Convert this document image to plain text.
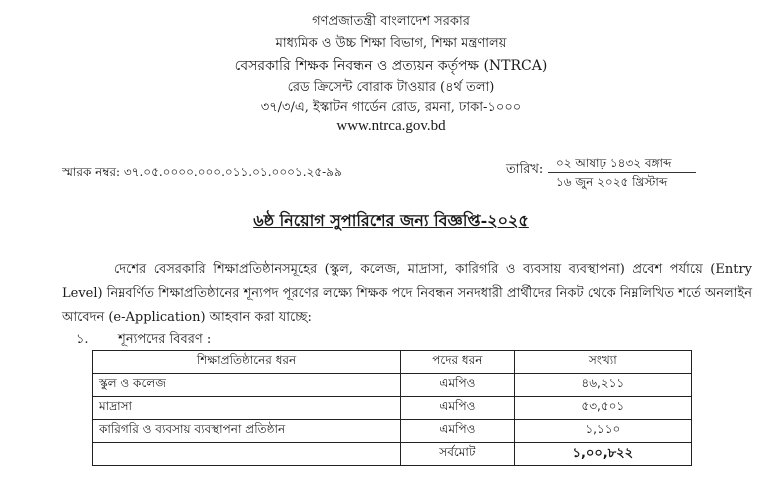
গণপ্রজাতন্ত্রী বাংলাদেশ সরকার
মাধ্যমিক ও উচ্চ শিক্ষা বিভাগ, শিক্ষা মন্ত্রণালয়
বেসরকারি শিক্ষক নিবন্ধন ও প্রত্যয়ন কর্তৃপক্ষ (NTRCA)
রেড ক্রিসেন্ট বোরাক টাওয়ার (৪র্থ তলা)
৩৭/৩/এ, ইস্কাটন গার্ডেন রোড, রমনা, ঢাকা-১০০০
www.ntrca.gov.bd
স্মারক নম্বর: ৩৭.০৫.০০০০.০০০.০১১.০১.০০০১.২৫-৯৯	তারিখ:	০২ আষাঢ় ১৪৩২ বঙ্গাব্দ
১৬ জুন ২০২৫ খ্রিস্টাব্দ
৬ষ্ঠ নিয়োগ সুপারিশের জন্য বিজ্ঞপ্তি-২০২৫
দেশের বেসরকারি শিক্ষাপ্রতিষ্ঠানসমূহের (স্কুল, কলেজ, মাদ্রাসা, কারিগরি ও ব্যবসায় ব্যবস্থাপনা) প্রবেশ পর্যায়ে (Entry Level) নিম্নবর্ণিত শিক্ষাপ্রতিষ্ঠানের শূন্যপদ পূরণের লক্ষ্যে শিক্ষক পদে নিবন্ধন সনদধারী প্রার্থীদের নিকট থেকে নিম্নলিখিত শর্তে অনলাইন আবেদন (e-Application) আহবান করা যাচ্ছে:
১. শূন্যপদের বিবরণ :
শিক্ষাপ্রতিষ্ঠানের ধরন	পদের ধরন	সংখ্যা
স্কুল ও কলেজ	এমপিও	৪৬,২১১
মাদ্রাসা	এমপিও	৫৩,৫০১
কারিগরি ও ব্যবসায় ব্যবস্থাপনা প্রতিষ্ঠান	এমপিও	১,১১০
	সর্বমোট	১,০০,৮২২
